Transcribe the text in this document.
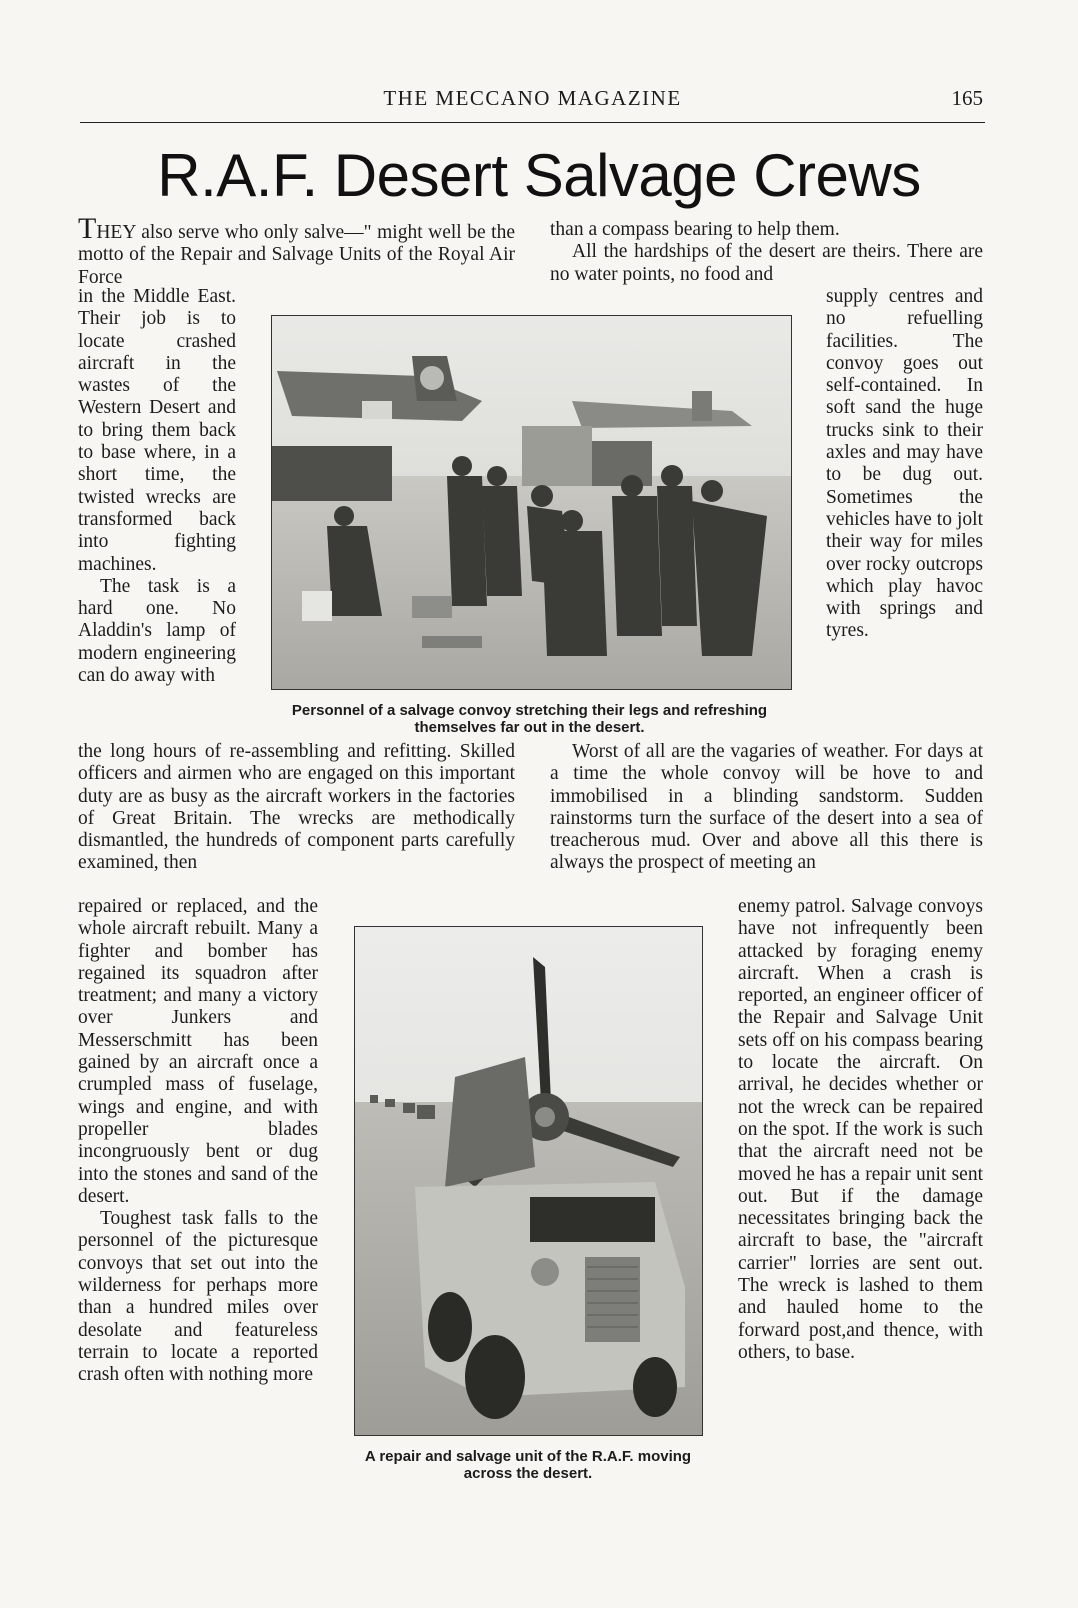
THE MECCANO MAGAZINE	165
R.A.F. Desert Salvage Crews

THEY also serve who only salve—" might well be the motto of the Repair and Salvage Units of the Royal Air Force

in the Middle East. Their job is to locate crashed aircraft in the wastes of the Western Desert and to bring them back to base where, in a short time, the twisted wrecks are transformed back into fighting machines.

The task is a hard one. No Aladdin's lamp of modern engineering can do away with

the long hours of re-assembling and refitting. Skilled officers and airmen who are engaged on this important duty are as busy as the aircraft workers in the factories of Great Britain. The wrecks are methodically dismantled, the hundreds of component parts carefully examined, then

repaired or replaced, and the whole aircraft rebuilt. Many a fighter and bomber has regained its squadron after treatment; and many a victory over Junkers and Messerschmitt has been gained by an aircraft once a crumpled mass of fuselage, wings and engine, and with propeller blades incongruously bent or dug into the stones and sand of the desert.

Toughest task falls to the personnel of the picturesque convoys that set out into the wilderness for perhaps more than a hundred miles over desolate and featureless terrain to locate a reported crash often with nothing more

than a compass bearing to help them.

All the hardships of the desert are theirs. There are no water points, no food and

supply centres and no refuelling facilities. The convoy goes out self-contained. In soft sand the huge trucks sink to their axles and may have to be dug out. Sometimes the vehicles have to jolt their way for miles over rocky outcrops which play havoc with springs and tyres.

Worst of all are the vagaries of weather. For days at a time the whole convoy will be hove to and immobilised in a blinding sandstorm. Sudden rainstorms turn the surface of the desert into a sea of treacherous mud. Over and above all this there is always the prospect of meeting an

enemy patrol. Salvage convoys have not infrequently been attacked by foraging enemy aircraft. When a crash is reported, an engineer officer of the Repair and Salvage Unit sets off on his compass bearing to locate the aircraft. On arrival, he decides whether or not the wreck can be repaired on the spot. If the work is such that the aircraft need not be moved he has a repair unit sent out. But if the damage necessitates bringing back the aircraft to base, the "aircraft carrier" lorries are sent out. The wreck is lashed to them and hauled home to the forward post,and thence, with others, to base.

Personnel of a salvage convoy stretching their legs and refreshing themselves far out in the desert.
A repair and salvage unit of the R.A.F. moving across the desert.
